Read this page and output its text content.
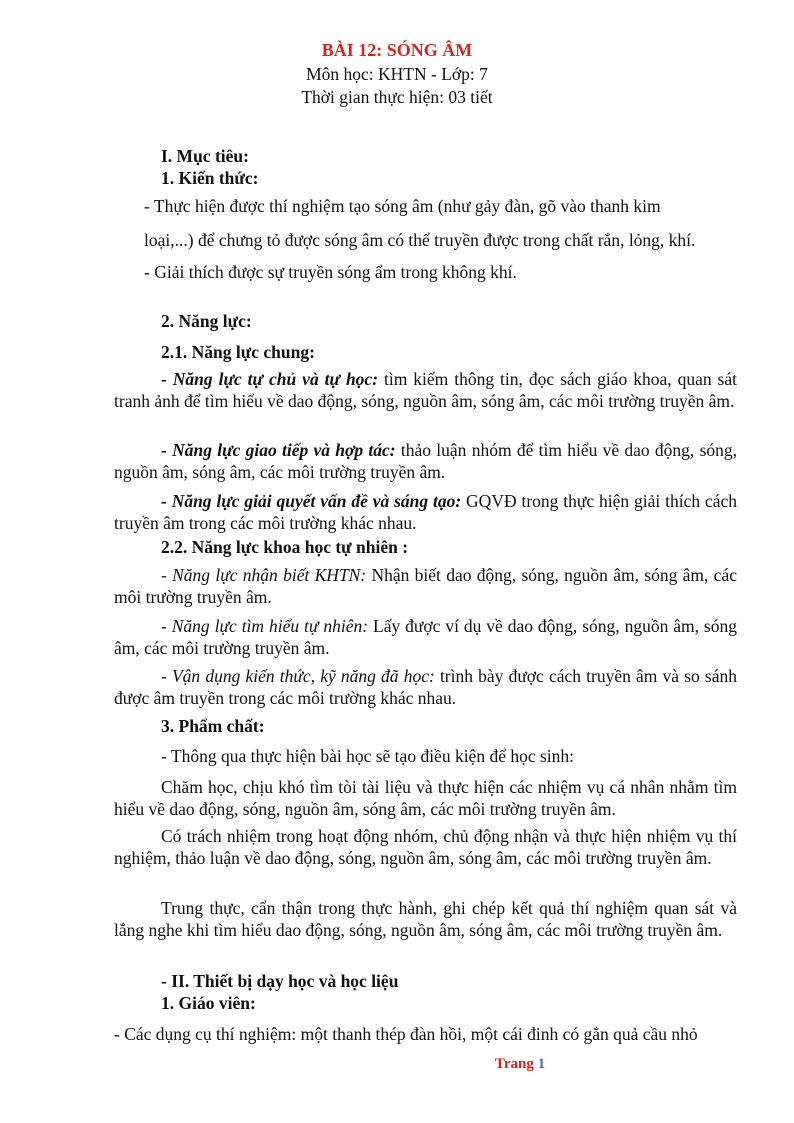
BÀI 12: SÓNG ÂM
Môn học: KHTN - Lớp: 7
Thời gian thực hiện: 03 tiết
I. Mục tiêu:
1. Kiến thức:
- Thực hiện được thí nghiệm tạo sóng âm (như gảy đàn, gõ vào thanh kim
loại,...) để chưng tỏ được sóng âm có thể truyền được trong chất rắn, lỏng, khí.
- Giải thích được sự truyền sóng ẩm trong không khí.
2. Năng lực:
2.1. Năng lực chung:
- Năng lực tự chủ và tự học: tìm kiếm thông tin, đọc sách giáo khoa, quan sát tranh ảnh để tìm hiểu về dao động, sóng, nguồn âm, sóng âm, các môi trường truyền âm.
- Năng lực giao tiếp và hợp tác: thảo luận nhóm để tìm hiểu về dao động, sóng, nguồn âm, sóng âm, các môi trường truyền âm.
- Năng lực giải quyết vấn đề và sáng tạo: GQVĐ trong thực hiện giải thích cách truyền âm trong các môi trường khác nhau.
2.2. Năng lực khoa học tự nhiên :
- Năng lực nhận biết KHTN: Nhận biết dao động, sóng, nguồn âm, sóng âm, các môi trường truyền âm.
- Năng lực tìm hiểu tự nhiên: Lấy được ví dụ về dao động, sóng, nguồn âm, sóng âm, các môi trường truyền âm.
- Vận dụng kiến thức, kỹ năng đã học: trình bày được cách truyền âm và so sánh được âm truyền trong các môi trường khác nhau.
3. Phẩm chất:
- Thông qua thực hiện bài học sẽ tạo điều kiện để học sinh:
Chăm học, chịu khó tìm tòi tài liệu và thực hiện các nhiệm vụ cá nhân nhằm tìm hiểu về dao động, sóng, nguồn âm, sóng âm, các môi trường truyền âm.
Có trách nhiệm trong hoạt động nhóm, chủ động nhận và thực hiện nhiệm vụ thí nghiệm, thảo luận về dao động, sóng, nguồn âm, sóng âm, các môi trường truyền âm.
Trung thực, cẩn thận trong thực hành, ghi chép kết quả thí nghiệm quan sát và lắng nghe khi tìm hiểu dao động, sóng, nguồn âm, sóng âm, các môi trường truyền âm.
- II. Thiết bị dạy học và học liệu
1. Giáo viên:
- Các dụng cụ thí nghiệm: một thanh thép đàn hồi, một cái đinh có gắn quả cầu nhỏ
Trang 1
